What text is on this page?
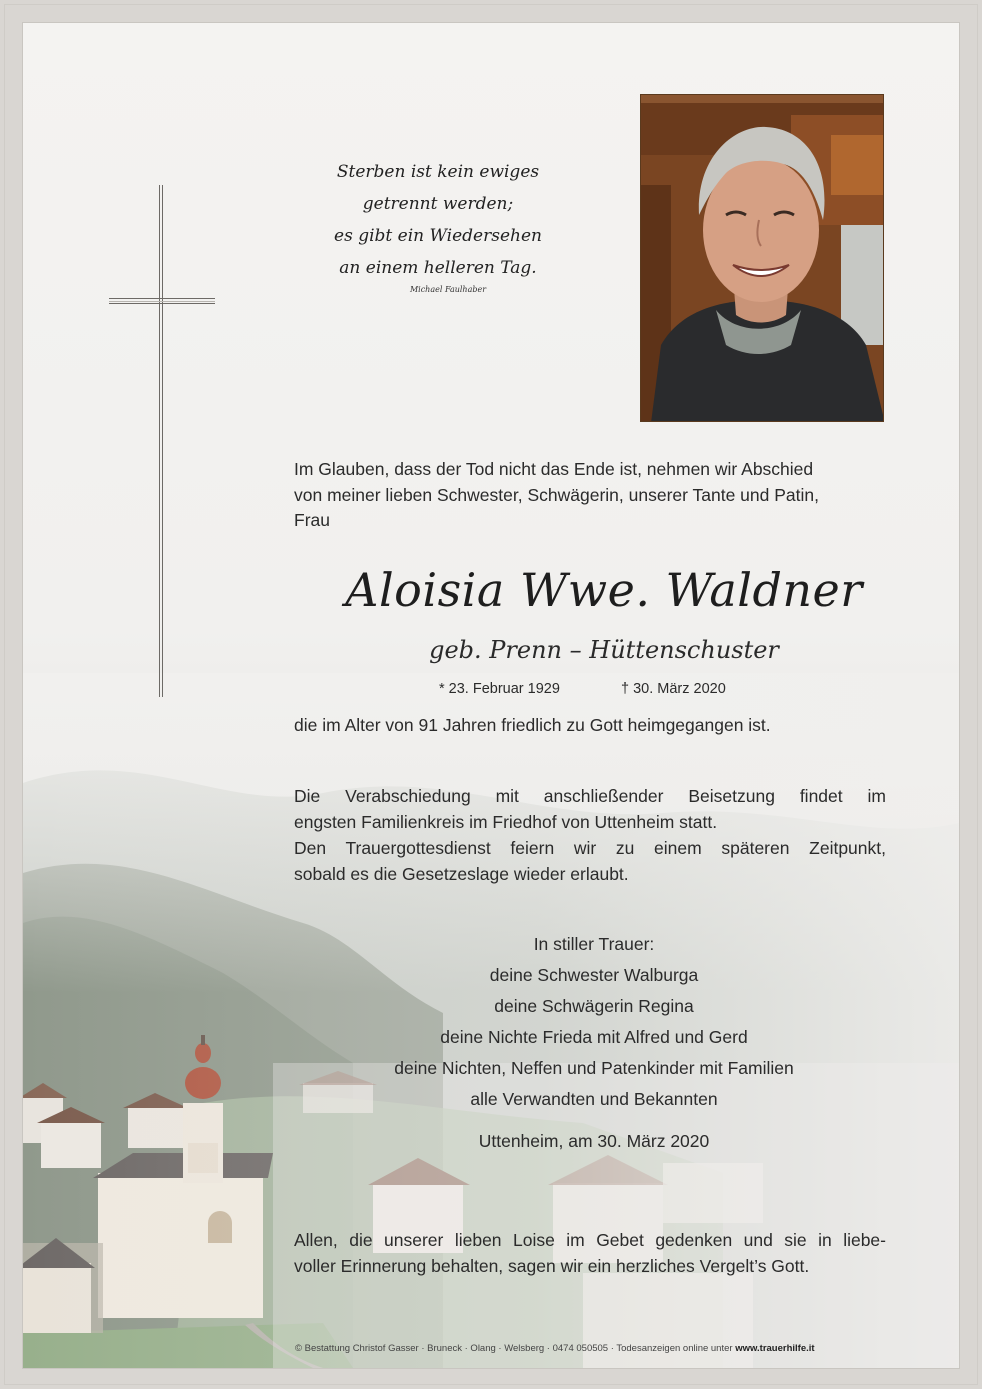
Sterben ist kein ewiges
getrennt werden;
es gibt ein Wiedersehen
an einem helleren Tag.
Michael Faulhaber
Im Glauben, dass der Tod nicht das Ende ist, nehmen wir Abschied
von meiner lieben Schwester, Schwägerin, unserer Tante und Patin,
Frau
Aloisia Wwe. Waldner
geb. Prenn – Hüttenschuster
* 23. Februar 1929	† 30. März 2020
die im Alter von 91 Jahren friedlich zu Gott heimgegangen ist.
Die Verabschiedung mit anschließender Beisetzung findet im
engsten Familienkreis im Friedhof von Uttenheim statt.
Den Trauergottesdienst feiern wir zu einem späteren Zeitpunkt,
sobald es die Gesetzeslage wieder erlaubt.
In stiller Trauer:
deine Schwester Walburga
deine Schwägerin Regina
deine Nichte Frieda mit Alfred und Gerd
deine Nichten, Neffen und Patenkinder mit Familien
alle Verwandten und Bekannten
Uttenheim, am 30. März 2020
Allen, die unserer lieben Loise im Gebet gedenken und sie in liebe-
voller Erinnerung behalten, sagen wir ein herzliches Vergelt’s Gott.
© Bestattung Christof Gasser · Bruneck · Olang · Welsberg · 0474 050505 · Todesanzeigen online unter www.trauerhilfe.it
